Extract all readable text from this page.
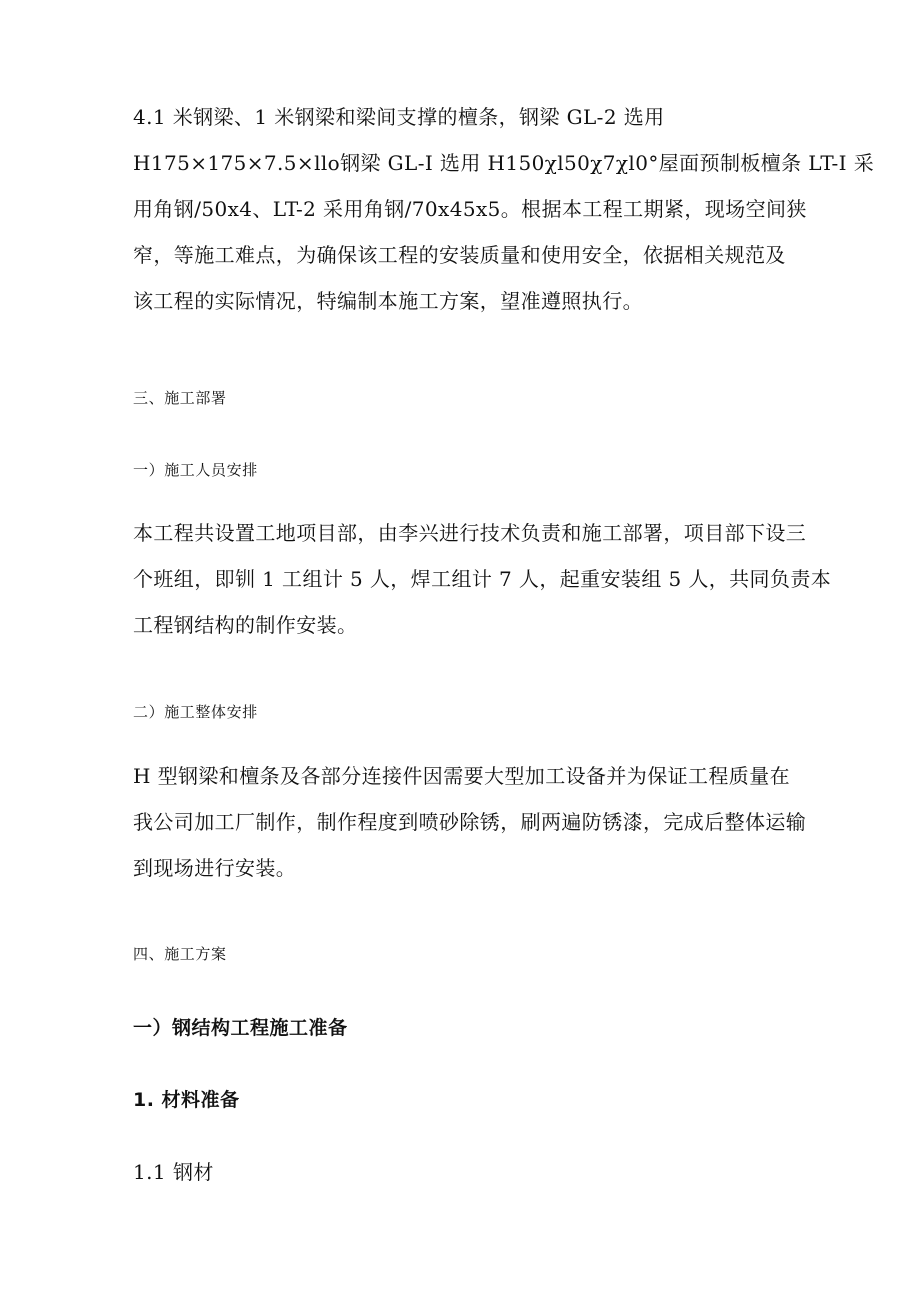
4.1 米钢梁、1 米钢梁和梁间支撑的檀条，钢梁 GL-2 选用
H175×175×7.5×llo钢梁 GL-I 选用 H150χl50χ7χl0°屋面预制板檀条 LT-I 采
用角钢/50x4、LT-2 采用角钢/70x45x5。根据本工程工期紧，现场空间狭
窄，等施工难点，为确保该工程的安装质量和使用安全，依据相关规范及
该工程的实际情况，特编制本施工方案，望准遵照执行。
三、施工部署
一）施工人员安排
本工程共设置工地项目部，由李兴进行技术负责和施工部署，项目部下设三
个班组，即钏 1 工组计 5 人，焊工组计 7 人，起重安装组 5 人，共同负责本
工程钢结构的制作安装。
二）施工整体安排
H 型钢梁和檀条及各部分连接件因需要大型加工设备并为保证工程质量在
我公司加工厂制作，制作程度到喷砂除锈，刷两遍防锈漆，完成后整体运输
到现场进行安装。
四、施工方案
一）钢结构工程施工准备
1. 材料准备
1.1 钢材
